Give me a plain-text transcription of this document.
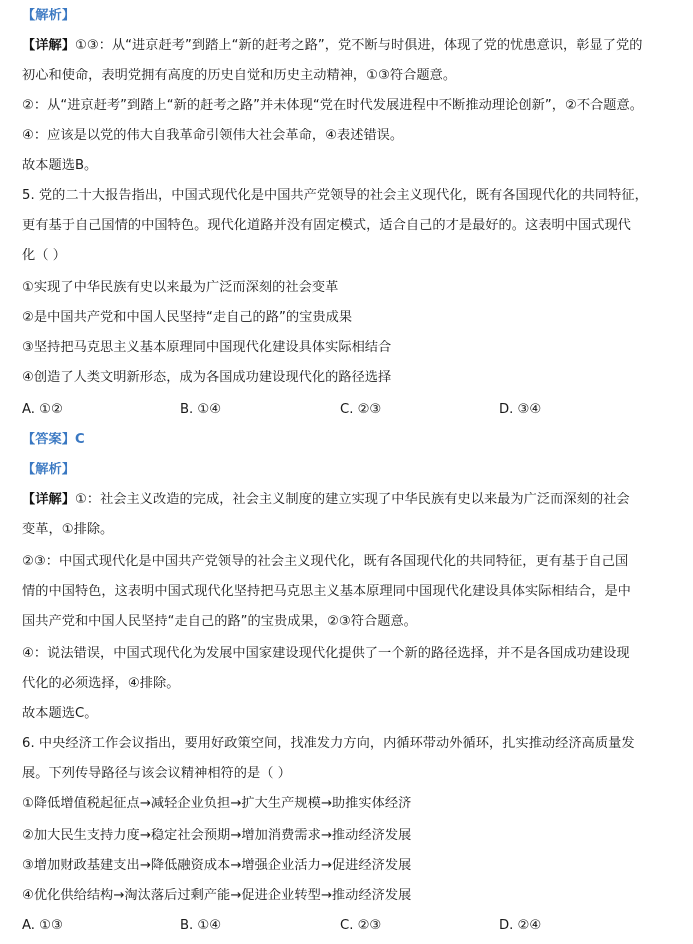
【解析】
【详解】①③：从“进京赶考”到踏上“新的赶考之路”，党不断与时俱进，体现了党的忧患意识，彰显了党的
初心和使命，表明党拥有高度的历史自觉和历史主动精神，①③符合题意。
②：从“进京赶考”到踏上“新的赶考之路”并未体现“党在时代发展进程中不断推动理论创新”，②不合题意。
④：应该是以党的伟大自我革命引领伟大社会革命，④表述错误。
故本题选B。
5. 党的二十大报告指出，中国式现代化是中国共产党领导的社会主义现代化，既有各国现代化的共同特征，
更有基于自己国情的中国特色。现代化道路并没有固定模式，适合自己的才是最好的。这表明中国式现代
化（ ）
①实现了中华民族有史以来最为广泛而深刻的社会变革
②是中国共产党和中国人民坚持“走自己的路”的宝贵成果
③坚持把马克思主义基本原理同中国现代化建设具体实际相结合
④创造了人类文明新形态，成为各国成功建设现代化的路径选择
【答案】C
【解析】
【详解】①：社会主义改造的完成，社会主义制度的建立实现了中华民族有史以来最为广泛而深刻的社会
变革，①排除。
②③：中国式现代化是中国共产党领导的社会主义现代化，既有各国现代化的共同特征，更有基于自己国
情的中国特色，这表明中国式现代化坚持把马克思主义基本原理同中国现代化建设具体实际相结合，是中
国共产党和中国人民坚持“走自己的路”的宝贵成果，②③符合题意。
④：说法错误，中国式现代化为发展中国家建设现代化提供了一个新的路径选择，并不是各国成功建设现
代化的必须选择，④排除。
故本题选C。
6. 中央经济工作会议指出，要用好政策空间，找准发力方向，内循环带动外循环，扎实推动经济高质量发
展。下列传导路径与该会议精神相符的是（ ）
①降低增值税起征点→减轻企业负担→扩大生产规模→助推实体经济
②加大民生支持力度→稳定社会预期→增加消费需求→推动经济发展
③增加财政基建支出→降低融资成本→增强企业活力→促进经济发展
④优化供给结构→淘汰落后过剩产能→促进企业转型→推动经济发展
A. ①②	B. ①④	C. ②③	D. ③④
A. ①③	B. ①④	C. ②③	D. ②④
